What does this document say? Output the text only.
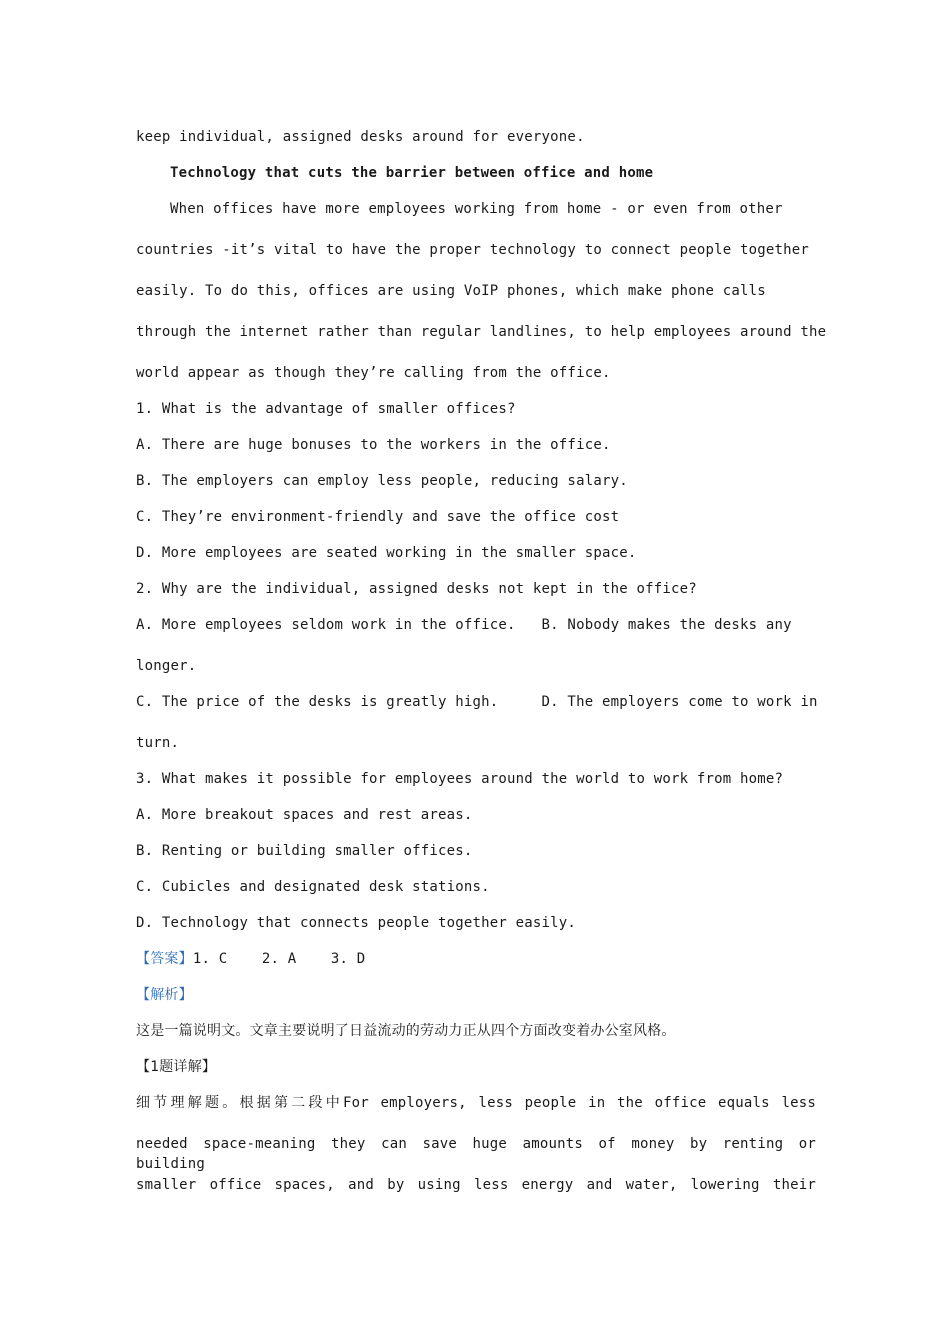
keep individual, assigned desks around for everyone.
Technology that cuts the barrier between office and home
When offices have more employees working from home - or even from other
countries -it’s vital to have the proper technology to connect people together
easily. To do this, offices are using VoIP phones, which make phone calls
through the internet rather than regular landlines, to help employees around the
world appear as though they’re calling from the office.
1. What is the advantage of smaller offices?
A. There are huge bonuses to the workers in the office.
B. The employers can employ less people, reducing salary.
C. They’re environment-friendly and save the office cost
D. More employees are seated working in the smaller space.
2. Why are the individual, assigned desks not kept in the office?
A. More employees seldom work in the office.   B. Nobody makes the desks any
longer.
C. The price of the desks is greatly high.     D. The employers come to work in
turn.
3. What makes it possible for employees around the world to work from home?
A. More breakout spaces and rest areas.
B. Renting or building smaller offices.
C. Cubicles and designated desk stations.
D. Technology that connects people together easily.
【答案】1. C    2. A    3. D
【解析】
这是一篇说明文。文章主要说明了日益流动的劳动力正从四个方面改变着办公室风格。
【1题详解】
细节理解题。根据第二段中For employers, less people in the office equals less
needed space-meaning they can save huge amounts of money by renting or building
smaller office spaces, and by using less energy and water, lowering their
